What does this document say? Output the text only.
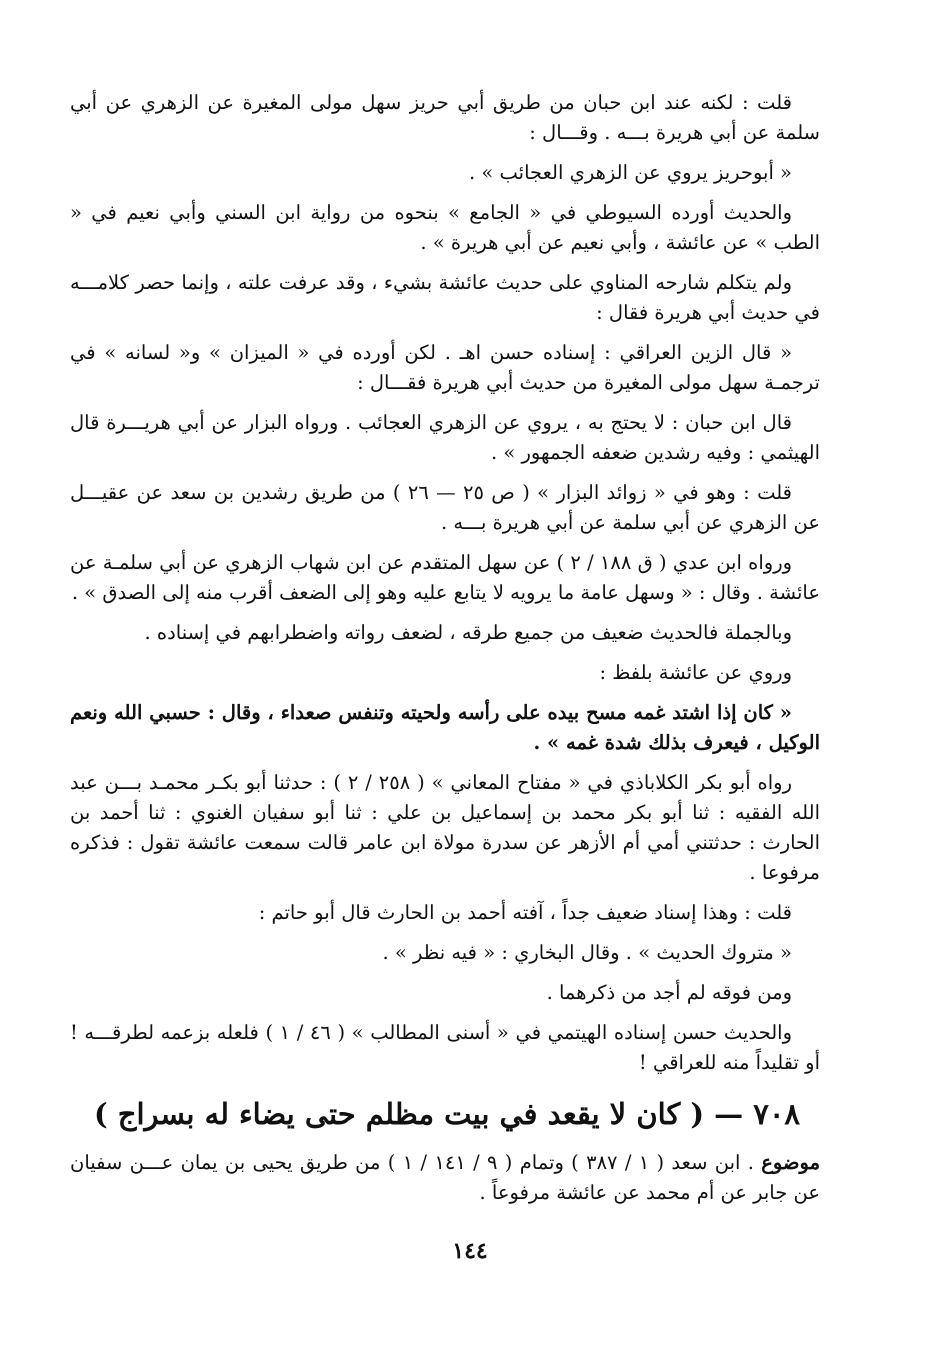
قلت : لكنه عند ابن حبان من طريق أبي حريز سهل مولى المغيرة عن الزهري عن أبي سلمة عن أبي هريرة بـــه . وقـــال :

« أبوحريز يروي عن الزهري العجائب » .

والحديث أورده السيوطي في « الجامع » بنحوه من رواية ابن السني وأبي نعيم في « الطب » عن عائشة ، وأبي نعيم عن أبي هريرة » .

ولم يتكلم شارحه المناوي على حديث عائشة بشيء ، وقد عرفت علته ، وإنما حصر كلامـــه في حديث أبي هريرة فقال :

« قال الزين العراقي : إسناده حسن اهـ . لكن أورده في « الميزان » و« لسانه » في ترجمـة سهل مولى المغيرة من حديث أبي هريرة فقـــال :

قال ابن حبان : لا يحتج به ، يروي عن الزهري العجائب . ورواه البزار عن أبي هريـــرة قال الهيثمي : وفيه رشدين ضعفه الجمهور » .

قلت : وهو في « زوائد البزار » ( ص ٢٥ — ٢٦ ) من طريق رشدين بن سعد عن عقيـــل عن الزهري عن أبي سلمة عن أبي هريرة بـــه .

ورواه ابن عدي ( ق ١٨٨ / ٢ ) عن سهل المتقدم عن ابن شهاب الزهري عن أبي سلمـة عن عائشة . وقال : « وسهل عامة ما يرويه لا يتابع عليه وهو إلى الضعف أقرب منه إلى الصدق » .

وبالجملة فالحديث ضعيف من جميع طرقه ، لضعف رواته واضطرابهم في إسناده .

وروي عن عائشة بلفظ :

« كان إذا اشتد غمه مسح بيده على رأسه ولحيته وتنفس صعداء ، وقال : حسبي الله ونعم الوكيل ، فيعرف بذلك شدة غمه » .

رواه أبو بكر الكلاباذي في « مفتاح المعاني » ( ٢٥٨ / ٢ ) : حدثنا أبو بكـر محمـد بـــن عبد الله الفقيه : ثنا أبو بكر محمد بن إسماعيل بن علي : ثنا أبو سفيان الغنوي : ثنا أحمد بن الحارث : حدثتني أمي أم الأزهر عن سدرة مولاة ابن عامر قالت سمعت عائشة تقول : فذكره مرفوعا .

قلت : وهذا إسناد ضعيف جداً ، آفته أحمد بن الحارث قال أبو حاتم :

« متروك الحديث » . وقال البخاري : « فيه نظر » .

ومن فوقه لم أجد من ذكرهما .

والحديث حسن إسناده الهيتمي في « أسنى المطالب » ( ٤٦ / ١ ) فلعله بزعمه لطرقـــه ! أو تقليداً منه للعراقي !

٧٠٨ — ( كان لا يقعد في بيت مظلم حتى يضاء له بسراج )

موضوع . ابن سعد ( ١ / ٣٨٧ ) وتمام ( ٩ / ١٤١ / ١ ) من طريق يحيى بن يمان عـــن سفيان عن جابر عن أم محمد عن عائشة مرفوعاً .

١٤٤
